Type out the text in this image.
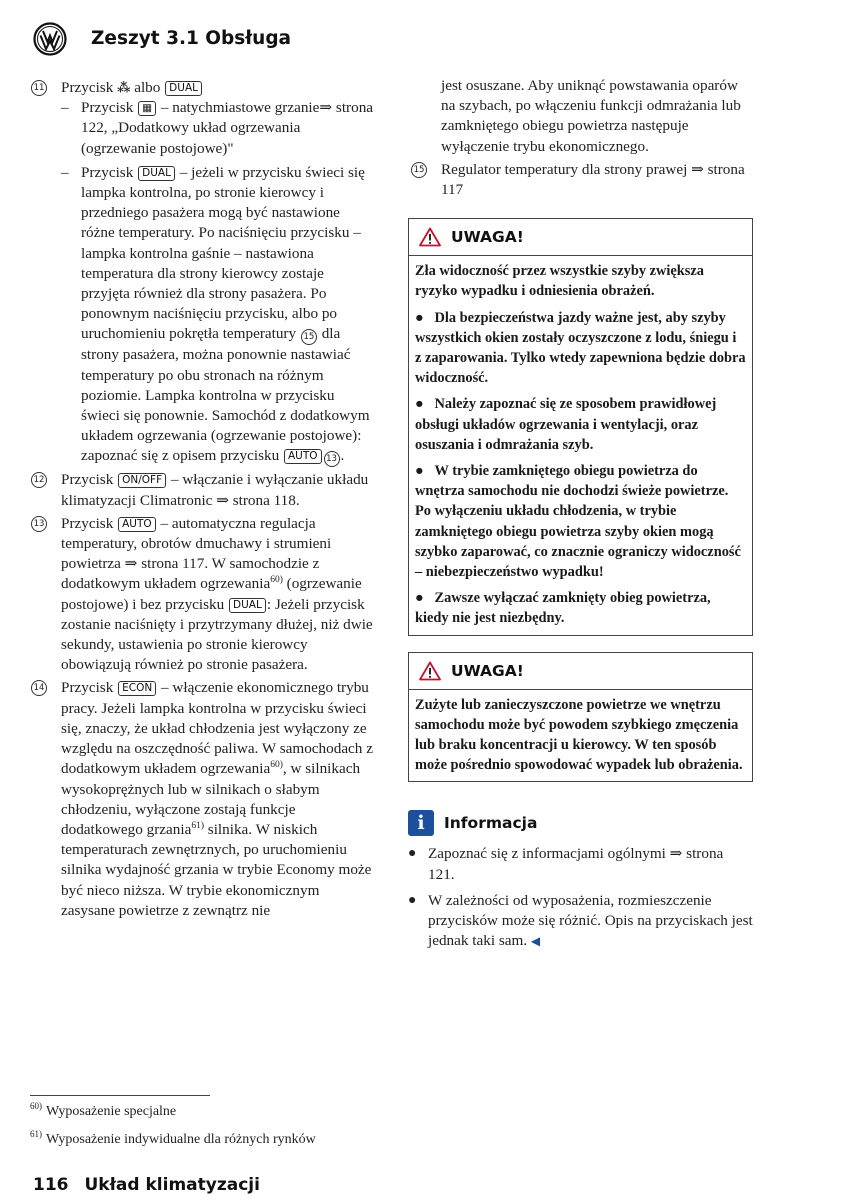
Zeszyt 3.1 Obsługa
11 Przycisk ⁂ albo DUAL
– Przycisk ▦ – natychmiastowe grzanie⇒ strona 122, „Dodatkowy układ ogrzewania (ogrzewanie postojowe)"
– Przycisk DUAL – jeżeli w przycisku świeci się lampka kontrolna, po stronie kierowcy i przedniego pasażera mogą być nastawione różne temperatury. Po naciśnięciu przycisku – lampka kontrolna gaśnie – nastawiona temperatura dla strony kierowcy zostaje przyjęta również dla strony pasażera. Po ponownym naciśnięciu przycisku, albo po uruchomieniu pokrętła temperatury 15 dla strony pasażera, można ponownie nastawiać temperatury po obu stronach na różnym poziomie. Lampka kontrolna w przycisku świeci się ponownie. Samochód z dodatkowym układem ogrzewania (ogrzewanie postojowe): zapoznać się z opisem przycisku AUTO 13 .
12 Przycisk ON/OFF – włączanie i wyłączanie układu klimatyzacji Climatronic ⇒ strona 118.
13 Przycisk AUTO – automatyczna regulacja temperatury, obrotów dmuchawy i strumieni powietrza ⇒ strona 117. W samochodzie z dodatkowym układem ogrzewania$^{60)}$ (ogrzewanie postojowe) i bez przycisku DUAL : Jeżeli przycisk zostanie naciśnięty i przytrzymany dłużej, niż dwie sekundy, ustawienia po stronie kierowcy obowiązują również po stronie pasażera.
14 Przycisk ECON – włączenie ekonomicznego trybu pracy. Jeżeli lampka kontrolna w przycisku świeci się, znaczy, że układ chłodzenia jest wyłączony ze względu na oszczędność paliwa. W samochodach z dodatkowym układem ogrzewania$^{60)}$, w silnikach wysokoprężnych lub w silnikach o słabym chłodzeniu, wyłączone zostają funkcje dodatkowego grzania$^{61)}$ silnika. W niskich temperaturach zewnętrznych, po uruchomieniu silnika wydajność grzania w trybie Economy może być nieco niższa. W trybie ekonomicznym zasysane powietrze z zewnątrz nie
jest osuszane. Aby uniknąć powstawania oparów na szybach, po włączeniu funkcji odmrażania lub zamkniętego obiegu powietrza następuje wyłączenie trybu ekonomicznego.
15 Regulator temperatury dla strony prawej ⇒ strona 117
UWAGA!

Zła widoczność przez wszystkie szyby zwiększa ryzyko wypadku i odniesienia obrażeń.

● Dla bezpieczeństwa jazdy ważne jest, aby szyby wszystkich okien zostały oczyszczone z lodu, śniegu i z zaparowania. Tylko wtedy zapewniona będzie dobra widoczność.

● Należy zapoznać się ze sposobem prawidłowej obsługi układów ogrzewania i wentylacji, oraz osuszania i odmrażania szyb.

● W trybie zamkniętego obiegu powietrza do wnętrza samochodu nie dochodzi świeże powietrze. Po wyłączeniu układu chłodzenia, w trybie zamkniętego obiegu powietrza szyby okien mogą szybko zaparować, co znacznie ograniczy widoczność – niebezpieczeństwo wypadku!

● Zawsze wyłączać zamknięty obieg powietrza, kiedy nie jest niezbędny.

UWAGA!

Zużyte lub zanieczyszczone powietrze we wnętrzu samochodu może być powodem szybkiego zmęczenia lub braku koncentracji u kierowcy. W ten sposób może pośrednio spowodować wypadek lub obrażenia.

i	Informacja
● Zapoznać się z informacjami ogólnymi ⇒ strona 121.
● W zależności od wyposażenia, rozmieszczenie przycisków może się różnić. Opis na przyciskach jest jednak taki sam. ◀
$^{60)}$ Wyposażenie specjalne
$^{61)}$ Wyposażenie indywidualne dla różnych rynków
116 Układ klimatyzacji
